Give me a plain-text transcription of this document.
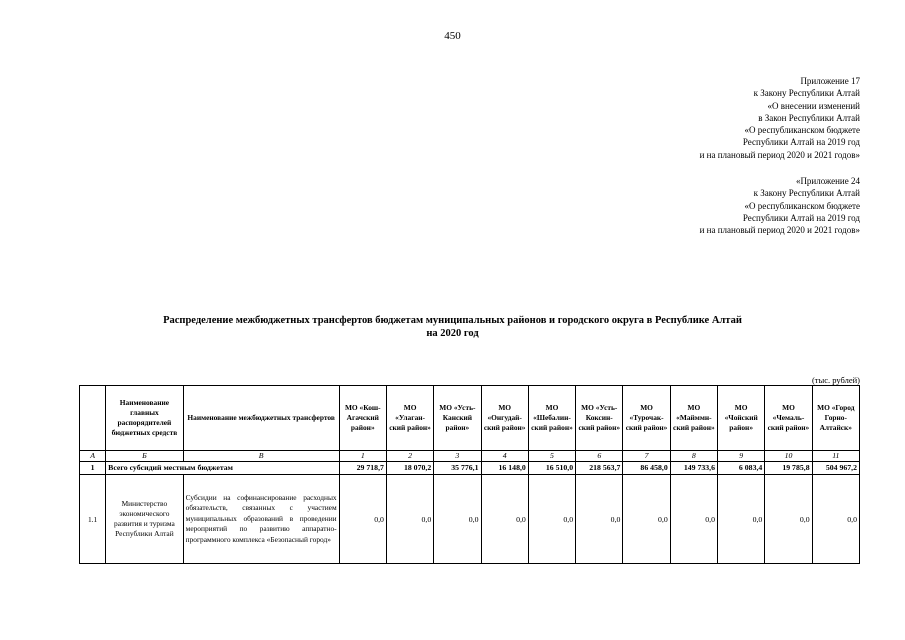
450
Приложение 17
к Закону Республики Алтай
«О внесении изменений
в Закон Республики Алтай
«О республиканском бюджете
Республики Алтай на 2019 год
и на плановый период 2020 и 2021 годов»
«Приложение 24
к Закону Республики Алтай
«О республиканском бюджете
Республики Алтай на 2019 год
и на плановый период 2020 и 2021 годов»
Распределение межбюджетных трансфертов бюджетам муниципальных районов и городского округа в Республике Алтай
на 2020 год
(тыс. рублей)
	Наименование главных распорядителей бюджетных средств	Наименование межбюджетных трансфертов	МО «Кош-Агачский район»	МО «Улаган-ский район»	МО «Усть-Канский район»	МО «Онгудай-ский район»	МО «Шебалин-ский район»	МО «Усть-Коксин-ский район»	МО «Турочак-ский район»	МО «Майммн-ский район»	МО «Чойский район»	МО «Чемаль-ский район»	МО «Город Горно-Алтайск»
А	Б	В	1	2	3	4	5	6	7	8	9	10	11
1	Всего субсидий местным бюджетам		29 718,7	18 070,2	35 776,1	16 148,0	16 510,0	218 563,7	86 458,0	149 733,6	6 083,4	19 785,8	504 967,2
1.1	Министерство экономического развития и туризма Республики Алтай	Субсидии на софинансирование расходных обязательств, связанных с участием муниципальных образований в проведении мероприятий по развитию аппаратно-программного комплекса «Безопасный город»	0,0	0,0	0,0	0,0	0,0	0,0	0,0	0,0	0,0	0,0	0,0
